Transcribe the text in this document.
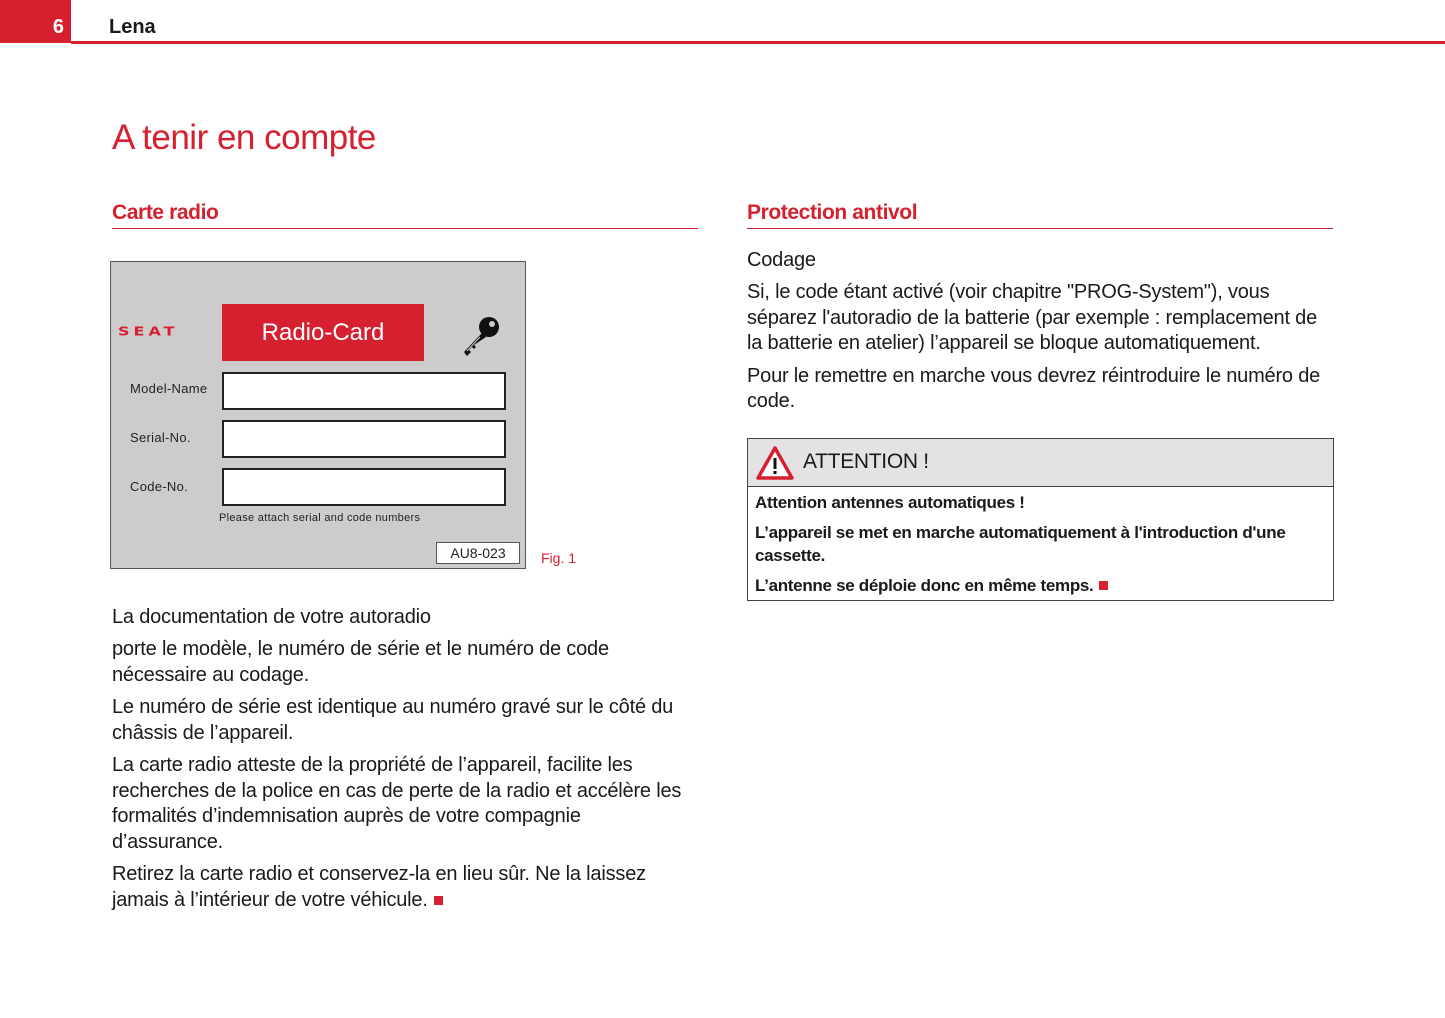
6 Lena
A tenir en compte
Carte radio
SEAT	Radio-Card
Model-Name
Serial-No.
Code-No.
Please attach serial and code numbers
AU8-023	Fig. 1
La documentation de votre autoradio

porte le modèle, le numéro de série et le numéro de code nécessaire au codage.

Le numéro de série est identique au numéro gravé sur le côté du châssis de l’appareil.

La carte radio atteste de la propriété de l’appareil, facilite les recherches de la police en cas de perte de la radio et accélère les formalités d’indemnisation auprès de votre compagnie d’assurance.

Retirez la carte radio et conservez-la en lieu sûr. Ne la laissez jamais à l’intérieur de votre véhicule.

Protection antivol
Codage

Si, le code étant activé (voir chapitre "PROG-System"), vous séparez l'autoradio de la batterie (par exemple : remplacement de la batterie en atelier) l’appareil se bloque automatiquement.

Pour le remettre en marche vous devrez réintroduire le numéro de code.

ATTENTION !

Attention antennes automatiques !

L’appareil se met en marche automatiquement à l'introduction d'une cassette.

L’antenne se déploie donc en même temps.
